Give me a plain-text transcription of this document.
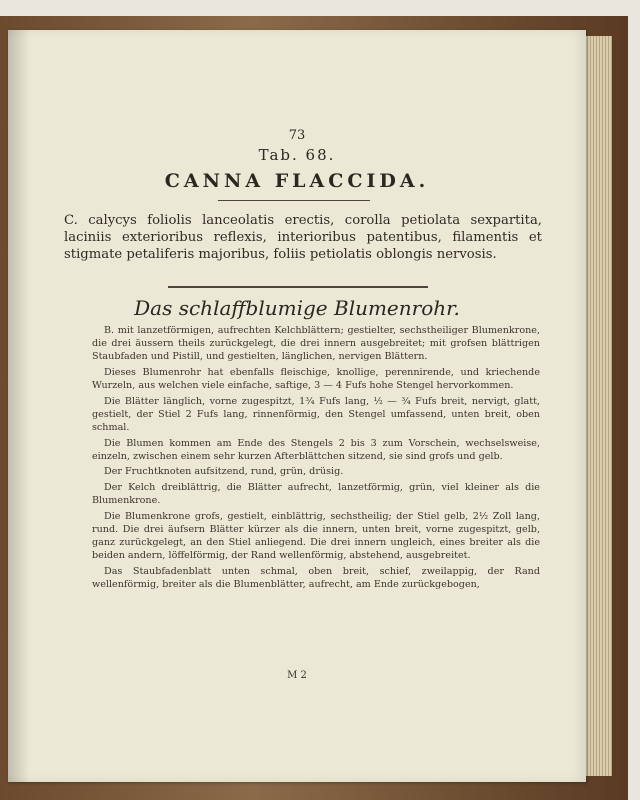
73
Tab. 68.
CANNA FLACCIDA.
C. calycys foliolis lanceolatis erectis, corolla petiolata sexpartita, laciniis exterioribus reflexis, interioribus patentibus, filamentis et stigmate petaliferis majoribus, foliis petiolatis oblongis nervosis.
Das schlaffblumige Blumenrohr.

B. mit lanzetförmigen, aufrechten Kelchblättern; gestielter, sechstheiliger Blumenkrone, die drei äussern theils zurückgelegt, die drei innern ausgebreitet; mit grofsen blättrigen Staubfaden und Pistill, und gestielten, länglichen, nervigen Blättern.

Dieses Blumenrohr hat ebenfalls fleischige, knollige, perennirende, und kriechende Wurzeln, aus welchen viele einfache, saftige, 3 — 4 Fufs hohe Stengel hervorkommen.

Die Blätter länglich, vorne zugespitzt, 1¾ Fufs lang, ½ — ¾ Fufs breit, nervigt, glatt, gestielt, der Stiel 2 Fufs lang, rinnenförmig, den Stengel umfassend, unten breit, oben schmal.

Die Blumen kommen am Ende des Stengels 2 bis 3 zum Vorschein, wechselsweise, einzeln, zwischen einem sehr kurzen Afterblättchen sitzend, sie sind grofs und gelb.

Der Fruchtknoten aufsitzend, rund, grün, drüsig.

Der Kelch dreiblättrig, die Blätter aufrecht, lanzetförmig, grün, viel kleiner als die Blumenkrone.

Die Blumenkrone grofs, gestielt, einblättrig, sechstheilig; der Stiel gelb, 2½ Zoll lang, rund. Die drei äufsern Blätter kürzer als die innern, unten breit, vorne zugespitzt, gelb, ganz zurückgelegt, an den Stiel anliegend. Die drei innern ungleich, eines breiter als die beiden andern, löffelförmig, der Rand wellenförmig, abstehend, ausgebreitet.

Das Staubfadenblatt unten schmal, oben breit, schief, zweilappig, der Rand wellenförmig, breiter als die Blumenblätter, aufrecht, am Ende zurückgebogen,

M 2
